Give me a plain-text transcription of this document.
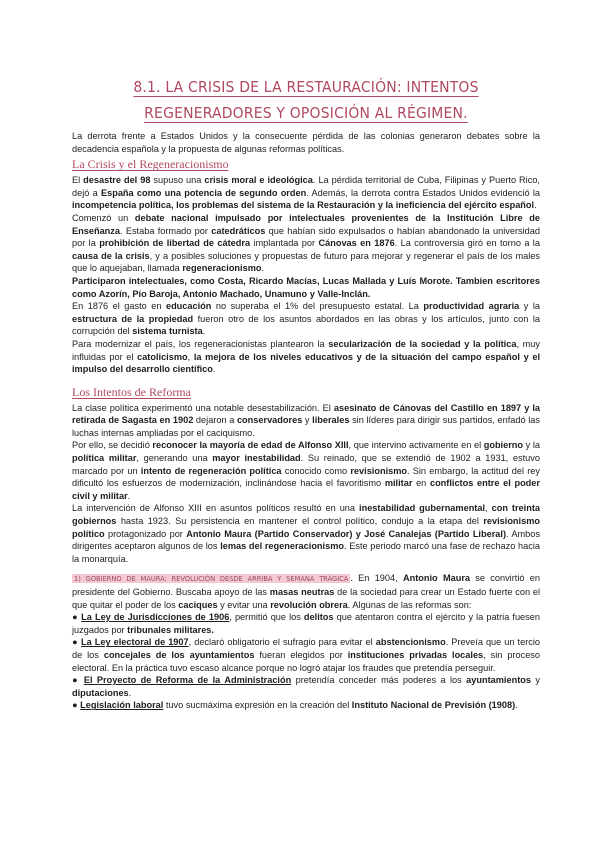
8.1. LA CRISIS DE LA RESTAURACIÓN: INTENTOS REGENERADORES Y OPOSICIÓN AL RÉGIMEN.

La derrota frente a Estados Unidos y la consecuente pérdida de las colonias generaron debates sobre la decadencia española y la propuesta de algunas reformas políticas.

La Crisis y el Regeneracionismo

El desastre del 98 supuso una crisis moral e ideológica. La pérdida territorial de Cuba, Filipinas y Puerto Rico, dejó a España como una potencia de segundo orden. Además, la derrota contra Estados Unidos evidenció la incompetencia política, los problemas del sistema de la Restauración y la ineficiencia del ejército español.

Comenzó un debate nacional impulsado por intelectuales provenientes de la Institución Libre de Enseñanza. Estaba formado por catedráticos que habían sido expulsados o habían abandonado la universidad por la prohibición de libertad de cátedra implantada por Cánovas en 1876. La controversia giró en torno a la causa de la crisis, y a posibles soluciones y propuestas de futuro para mejorar y regenerar el país de los males que lo aquejaban, llamada regeneracionismo.

Participaron intelectuales, como Costa, Ricardo Macías, Lucas Mallada y Luís Morote. Tambien escritores como Azorín, Pío Baroja, Antonio Machado, Unamuno y Valle-Inclán.

En 1876 el gasto en educación no superaba el 1% del presupuesto estatal. La productividad agraria y la estructura de la propiedad fueron otro de los asuntos abordados en las obras y los artículos, junto con la corrupción del sistema turnista.

Para modernizar el país, los regeneracionistas plantearon la secularización de la sociedad y la política, muy influidas por el catolicismo, la mejora de los niveles educativos y de la situación del campo español y el impulso del desarrollo científico.

Los Intentos de Reforma

La clase política experimentó una notable desestabilización. El asesinato de Cánovas del Castillo en 1897 y la retirada de Sagasta en 1902 dejaron a conservadores y liberales sin líderes para dirigir sus partidos, enfadó las luchas internas ampliadas por el caciquismo.

Por ello, se decidió reconocer la mayoría de edad de Alfonso XIII, que intervino activamente en el gobierno y la política militar, generando una mayor inestabilidad. Su reinado, que se extendió de 1902 a 1931, estuvo marcado por un intento de regeneración política conocido como revisionismo. Sin embargo, la actitud del rey dificultó los esfuerzos de modernización, inclinándose hacia el favoritismo militar en conflictos entre el poder civil y militar.

La intervención de Alfonso XIII en asuntos políticos resultó en una inestabilidad gubernamental, con treinta gobiernos hasta 1923. Su persistencia en mantener el control político, condujo a la etapa del revisionismo político protagonizado por Antonio Maura (Partido Conservador) y José Canalejas (Partido Liberal). Ambos dirigentes aceptaron algunos de los lemas del regeneracionismo. Este periodo marcó una fase de rechazo hacia la monarquía.

1) GOBIERNO DE MAURA: REVOLUCIÓN DESDE ARRIBA Y SEMANA TRÁGICA . En 1904, Antonio Maura se convirtió en presidente del Gobierno. Buscaba apoyo de las masas neutras de la sociedad para crear un Estado fuerte con el que quitar el poder de los caciques y evitar una revolución obrera. Algunas de las reformas son:

● La Ley de Jurisdicciones de 1906, permitió que los delitos que atentaron contra el ejército y la patria fuesen juzgados por tribunales militares.

● La Ley electoral de 1907, declaró obligatorio el sufragio para evitar el abstencionismo. Preveía que un tercio de los concejales de los ayuntamientos fueran elegidos por instituciones privadas locales, sin proceso electoral. En la práctica tuvo escaso alcance porque no logró atajar los fraudes que pretendía perseguir.

● El Proyecto de Reforma de la Administración pretendía conceder más poderes a los ayuntamientos y diputaciones.

● Legislación laboral tuvo sucmáxima expresión en la creación del Instituto Nacional de Previsión (1908).
